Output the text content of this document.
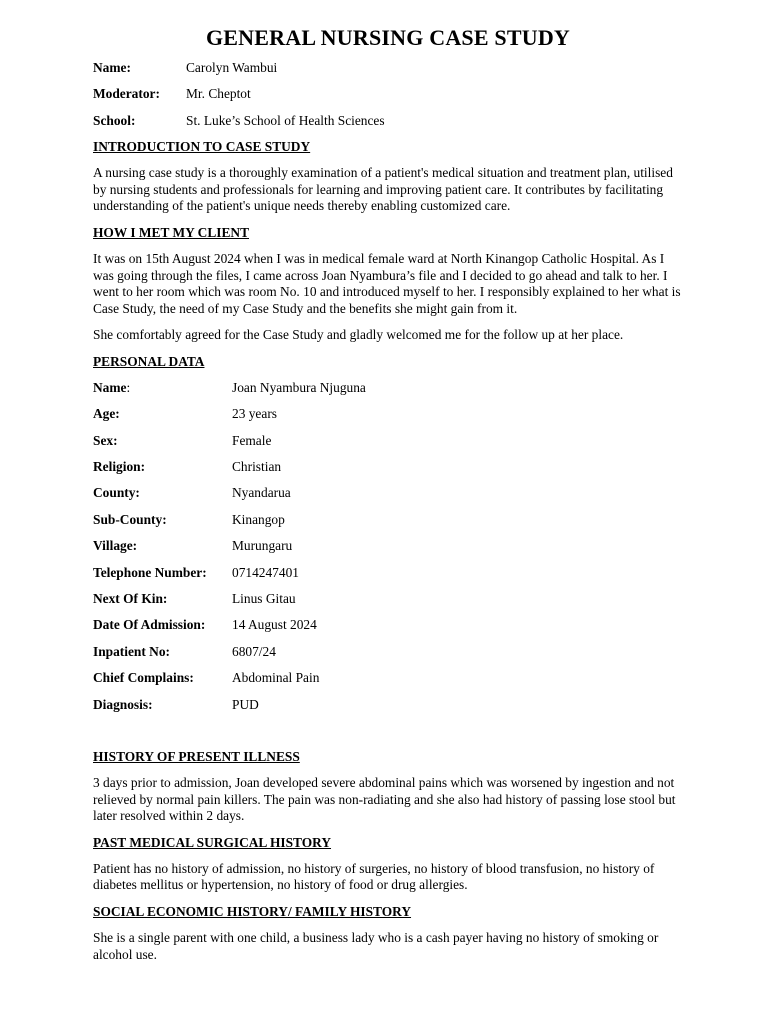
GENERAL NURSING CASE STUDY
Name:	Carolyn Wambui
Moderator:	Mr. Cheptot
School:	St. Luke’s School of Health Sciences
INTRODUCTION TO CASE STUDY

A nursing case study is a thoroughly examination of a patient's medical situation and treatment plan, utilised by nursing students and professionals for learning and improving patient care. It contributes by facilitating understanding of the patient's unique needs thereby enabling customized care.

HOW I MET MY CLIENT

It was on 15th August 2024 when I was in medical female ward at North Kinangop Catholic Hospital. As I was going through the files, I came across Joan Nyambura’s file and I decided to go ahead and talk to her. I went to her room which was room No. 10 and introduced myself to her. I responsibly explained to her what is Case Study, the need of my Case Study and the benefits she might gain from it.

She comfortably agreed for the Case Study and gladly welcomed me for the follow up at her place.

PERSONAL DATA
Name:	Joan Nyambura Njuguna
Age:	23 years
Sex:	Female
Religion:	Christian
County:	Nyandarua
Sub-County:	Kinangop
Village:	Murungaru
Telephone Number:	0714247401
Next Of Kin:	Linus Gitau
Date Of Admission:	14 August 2024
Inpatient No:	6807/24
Chief Complains:	Abdominal Pain
Diagnosis:	PUD
HISTORY OF PRESENT ILLNESS

3 days prior to admission, Joan developed severe abdominal pains which was worsened by ingestion and not relieved by normal pain killers. The pain was non-radiating and she also had history of passing lose stool but later resolved within 2 days.

PAST MEDICAL SURGICAL HISTORY

Patient has no history of admission, no history of surgeries, no history of blood transfusion, no history of diabetes mellitus or hypertension, no history of food or drug allergies.

SOCIAL ECONOMIC HISTORY/ FAMILY HISTORY

She is a single parent with one child, a business lady who is a cash payer having no history of smoking or alcohol use.
